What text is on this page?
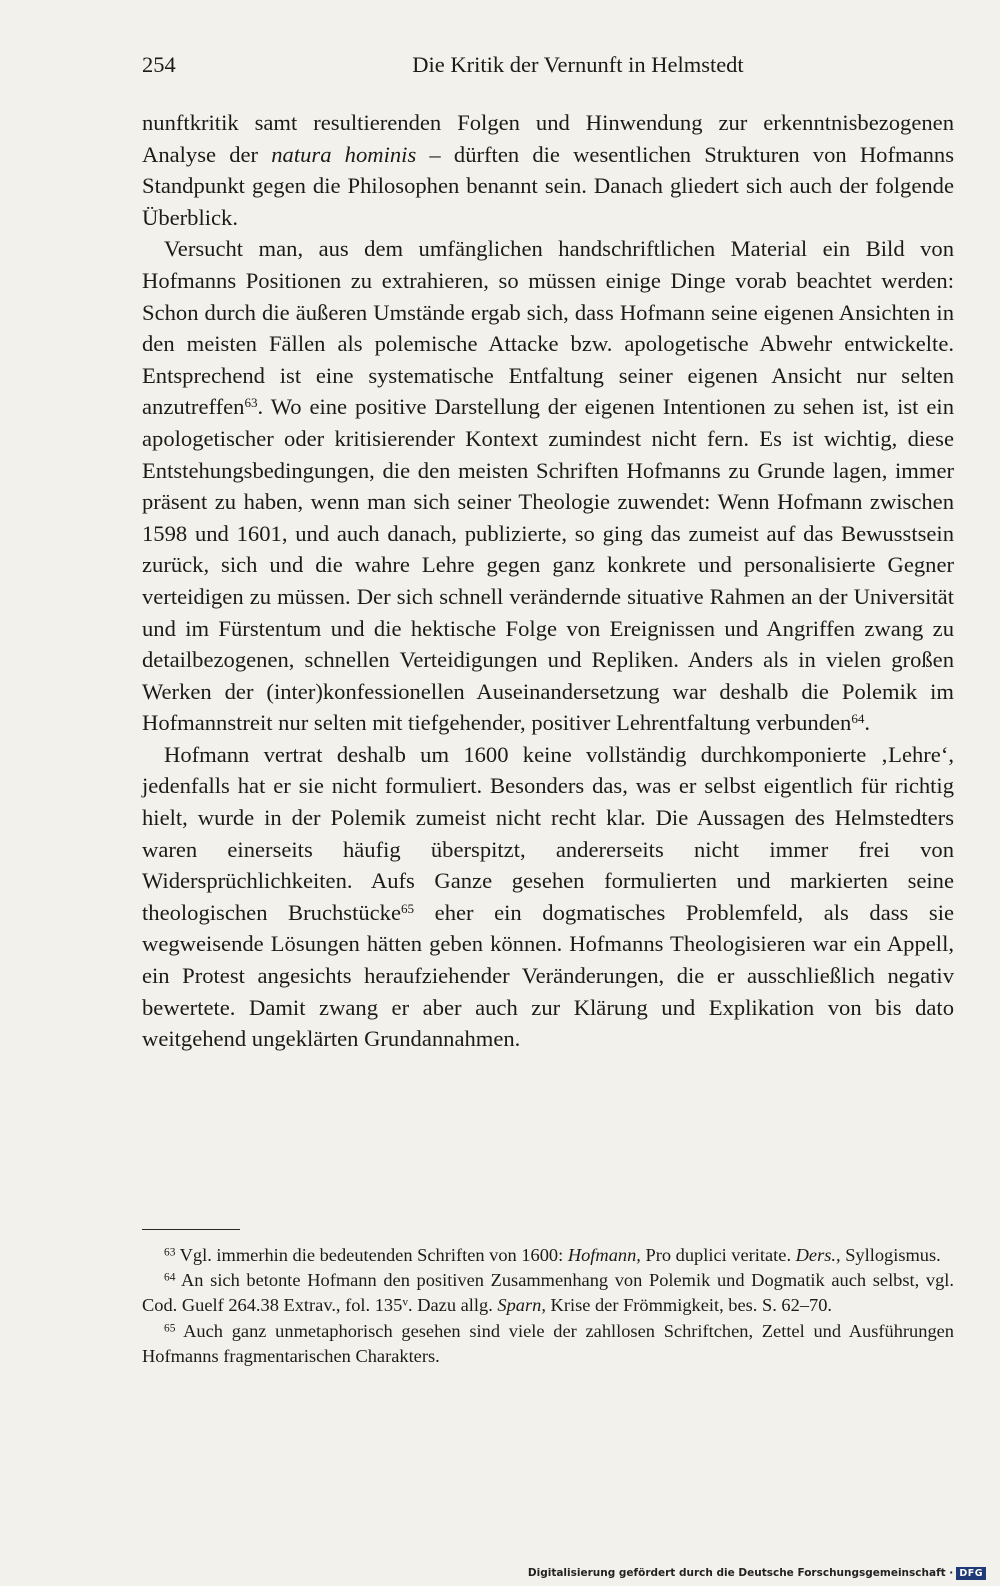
254	Die Kritik der Vernunft in Helmstedt

nunftkritik samt resultierenden Folgen und Hinwendung zur erkenntnisbezogenen Analyse der natura hominis – dürften die wesentlichen Strukturen von Hofmanns Standpunkt gegen die Philosophen benannt sein. Danach gliedert sich auch der folgende Überblick.

Versucht man, aus dem umfänglichen handschriftlichen Material ein Bild von Hofmanns Positionen zu extrahieren, so müssen einige Dinge vorab beachtet werden: Schon durch die äußeren Umstände ergab sich, dass Hofmann seine eigenen Ansichten in den meisten Fällen als polemische Attacke bzw. apologetische Abwehr entwickelte. Entsprechend ist eine systematische Entfaltung seiner eigenen Ansicht nur selten anzutreffen$^{63}$. Wo eine positive Darstellung der eigenen Intentionen zu sehen ist, ist ein apologetischer oder kritisierender Kontext zumindest nicht fern. Es ist wichtig, diese Entstehungsbedingungen, die den meisten Schriften Hofmanns zu Grunde lagen, immer präsent zu haben, wenn man sich seiner Theologie zuwendet: Wenn Hofmann zwischen 1598 und 1601, und auch danach, publizierte, so ging das zumeist auf das Bewusstsein zurück, sich und die wahre Lehre gegen ganz konkrete und personalisierte Gegner verteidigen zu müssen. Der sich schnell verändernde situative Rahmen an der Universität und im Fürstentum und die hektische Folge von Ereignissen und Angriffen zwang zu detailbezogenen, schnellen Verteidigungen und Repliken. Anders als in vielen großen Werken der (inter)konfessionellen Auseinandersetzung war deshalb die Polemik im Hofmannstreit nur selten mit tiefgehender, positiver Lehrentfaltung verbunden$^{64}$.

Hofmann vertrat deshalb um 1600 keine vollständig durchkomponierte ‚Lehre‘, jedenfalls hat er sie nicht formuliert. Besonders das, was er selbst eigentlich für richtig hielt, wurde in der Polemik zumeist nicht recht klar. Die Aussagen des Helmstedters waren einerseits häufig überspitzt, andererseits nicht immer frei von Widersprüchlichkeiten. Aufs Ganze gesehen formulierten und markierten seine theologischen Bruchstücke$^{65}$ eher ein dogmatisches Problemfeld, als dass sie wegweisende Lösungen hätten geben können. Hofmanns Theologisieren war ein Appell, ein Protest angesichts heraufziehender Veränderungen, die er ausschließlich negativ bewertete. Damit zwang er aber auch zur Klärung und Explikation von bis dato weitgehend ungeklärten Grundannahmen.

$^{63}$ Vgl. immerhin die bedeutenden Schriften von 1600: Hofmann, Pro duplici veritate. Ders., Syllogismus.

$^{64}$ An sich betonte Hofmann den positiven Zusammenhang von Polemik und Dogmatik auch selbst, vgl. Cod. Guelf 264.38 Extrav., fol. 135$^v$. Dazu allg. Sparn, Krise der Frömmigkeit, bes. S. 62–70.

$^{65}$ Auch ganz unmetaphorisch gesehen sind viele der zahllosen Schriftchen, Zettel und Ausführungen Hofmanns fragmentarischen Charakters.

Digitalisierung gefördert durch die Deutsche Forschungsgemeinschaft · DFG
